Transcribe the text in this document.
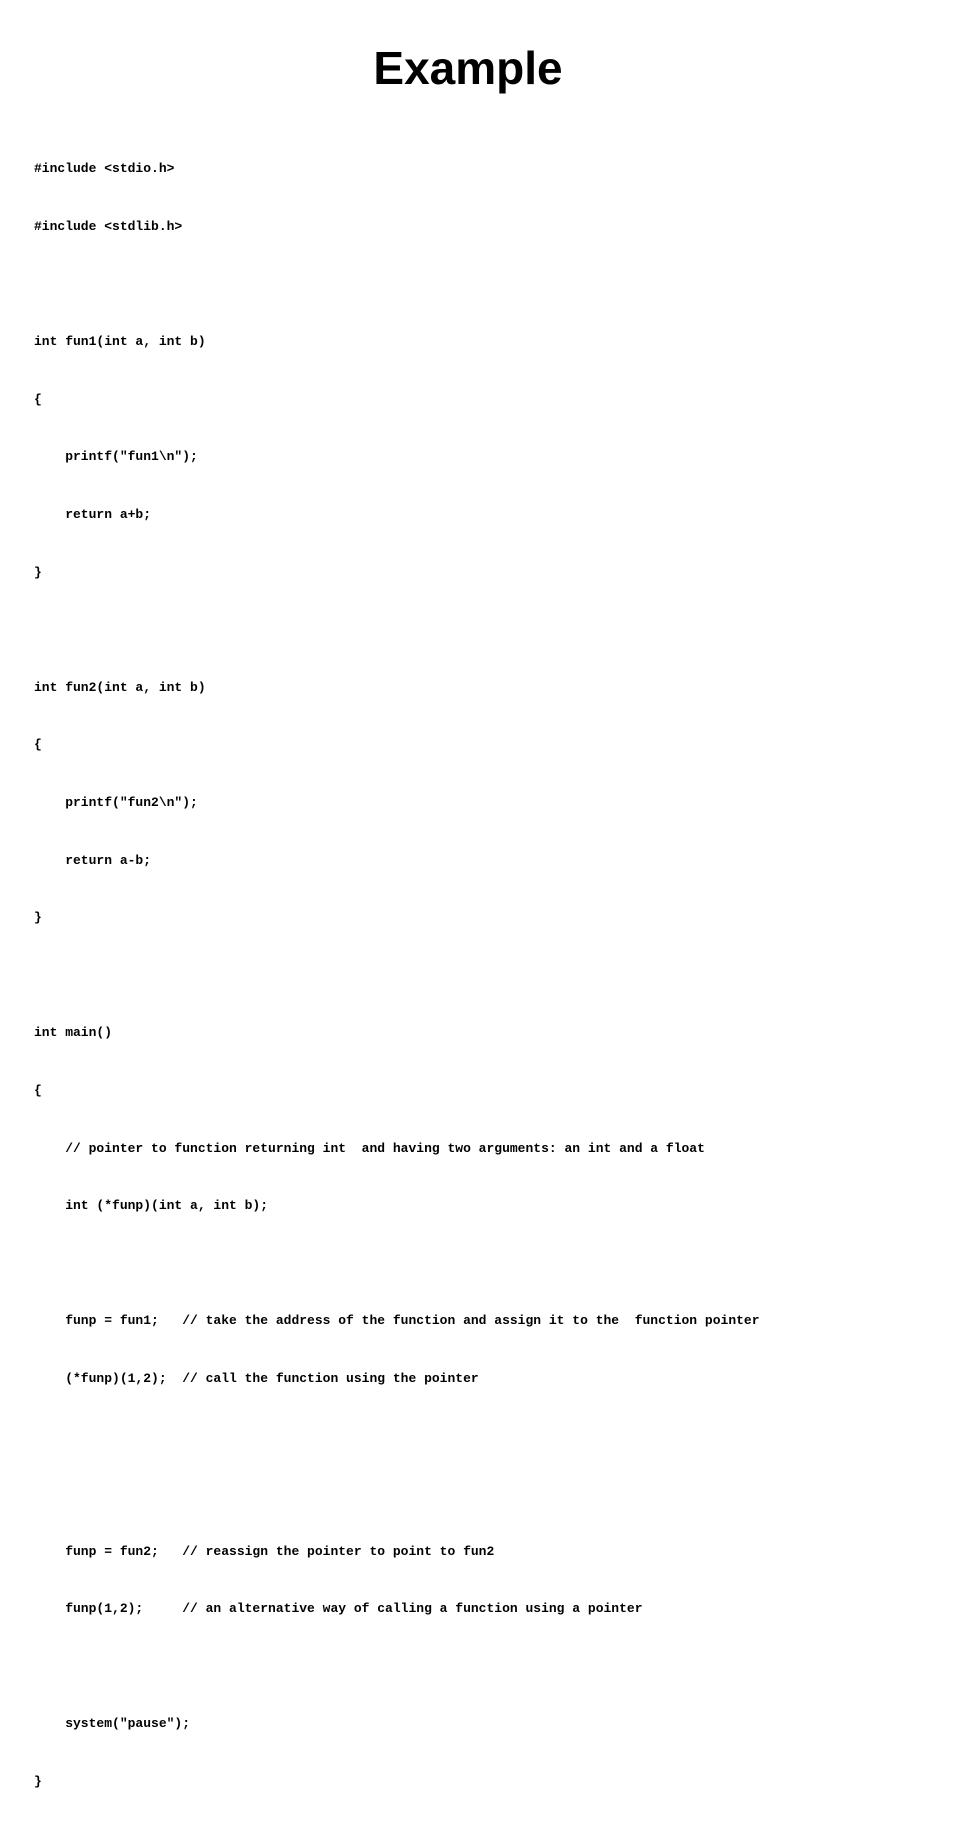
Example

#include <stdio.h>

#include <stdlib.h>

int fun1(int a, int b)

{

printf("fun1\n");

return a+b;

}

int fun2(int a, int b)

{

printf("fun2\n");

return a-b;

}

int main()

{

// pointer to function returning int  and having two arguments: an int and a float

int (*funp)(int a, int b);

funp = fun1;   // take the address of the function and assign it to the  function pointer

(*funp)(1,2);  // call the function using the pointer

funp = fun2;   // reassign the pointer to point to fun2

funp(1,2);     // an alternative way of calling a function using a pointer

system("pause");

}
